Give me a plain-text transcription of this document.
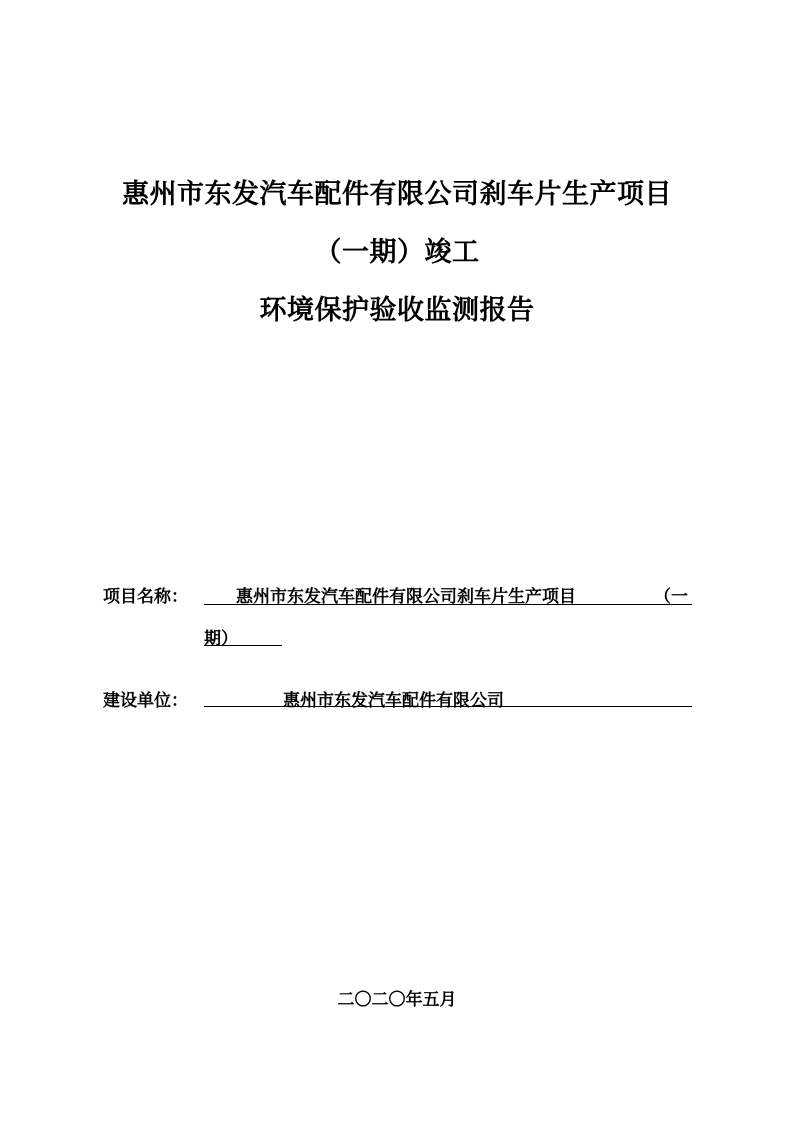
惠州市东发汽车配件有限公司刹车片生产项目
（一期）竣工
环境保护验收监测报告
项目名称：	惠州市东发汽车配件有限公司刹车片生产项目	（一
期）
建设单位：	惠州市东发汽车配件有限公司
二〇二〇年五月
